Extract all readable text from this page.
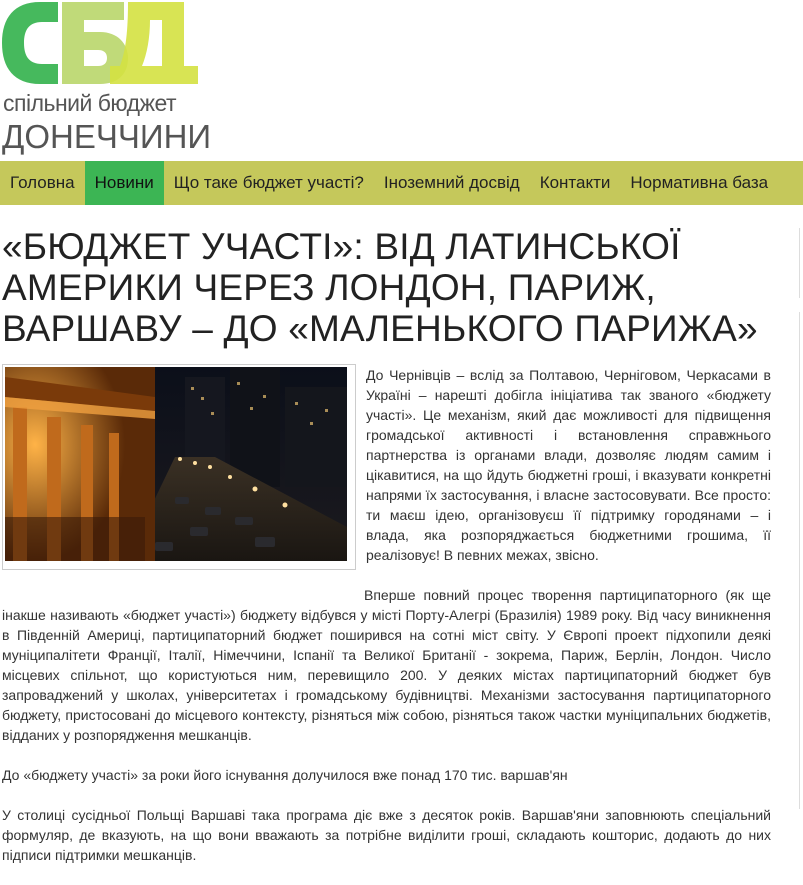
спільний бюджет
ДОНЕЧЧИНИ
Головна Новини Що таке бюджет участі? Іноземний досвід Контакти Нормативна база
«БЮДЖЕТ УЧАСТІ»: ВІД ЛАТИНСЬКОЇ АМЕРИКИ ЧЕРЕЗ ЛОНДОН, ПАРИЖ, ВАРШАВУ – ДО «МАЛЕНЬКОГО ПАРИЖА»

До Чернівців – вслід за Полтавою, Черніговом, Черкасами в Україні – нарешті добігла ініціатива так званого «бюджету участі». Це механізм, який дає можливості для підвищення громадської активності і встановлення справжнього партнерства із органами влади, дозволяє людям самим і цікавитися, на що йдуть бюджетні гроші, і вказувати конкретні напрями їх застосування, і власне застосовувати. Все просто: ти маєш ідею, організовуєш її підтримку городянами – і влада, яка розпоряджається бюджетними грошима, її реалізовує! В певних межах, звісно.

Вперше повний процес творення партиципаторного (як ще інакше називають «бюджет участі») бюджету відбувся у місті Порту-Алегрі (Бразилія) 1989 року. Від часу виникнення в Південній Америці, партиципаторний бюджет поширився на сотні міст світу. У Європі проект підхопили деякі муніципалітети Франції, Італії, Німеччини, Іспанії та Великої Британії - зокрема, Париж, Берлін, Лондон. Число місцевих спільнот, що користуються ним, перевищило 200. У деяких містах партиципаторний бюджет був запроваджений у школах, університетах і громадському будівництві. Механізми застосування партиципаторного бюджету, пристосовані до місцевого контексту, різняться між собою, різняться також частки муніципальних бюджетів, відданих у розпорядження мешканців.

До «бюджету участі» за роки його існування долучилося вже понад 170 тис. варшав'ян

У столиці сусідньої Польщі Варшаві така програма діє вже з десяток років. Варшав'яни заповнюють спеціальний формуляр, де вказують, на що вони вважають за потрібне виділити гроші, складають кошторис, додають до них підписи підтримки мешканців.
